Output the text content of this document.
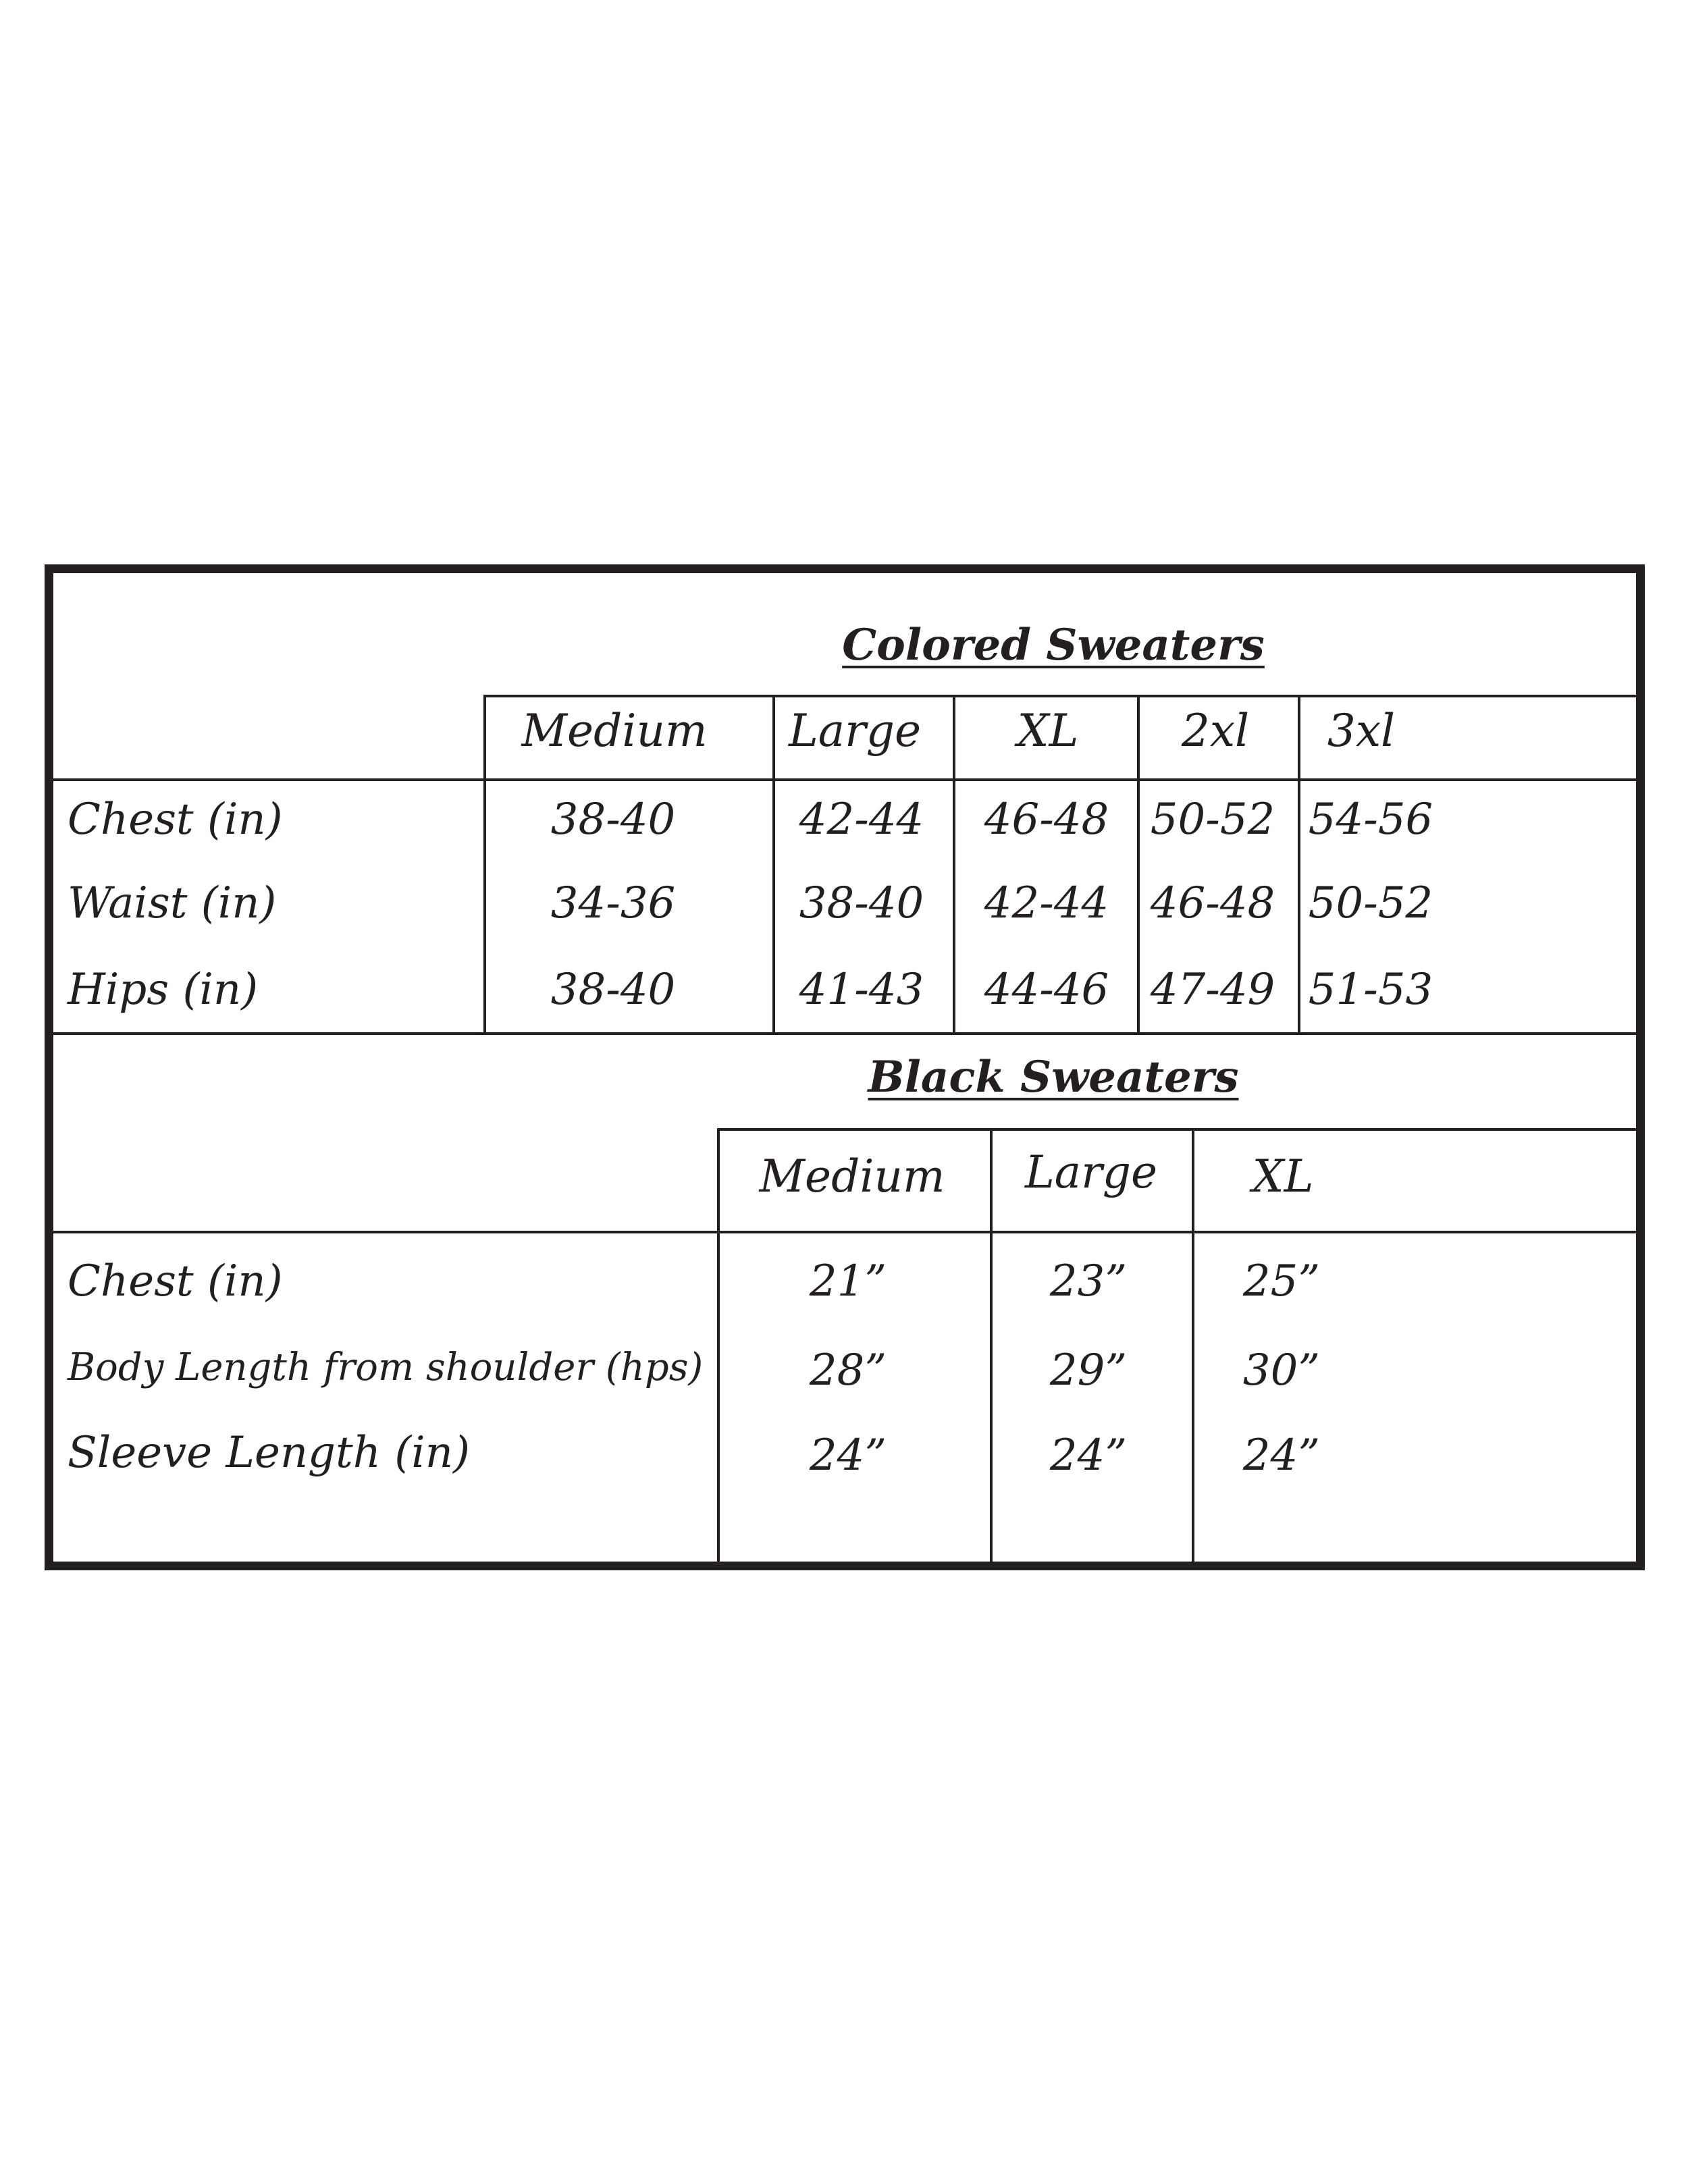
Colored Sweaters
Medium Large XL 2xl 3xl
Chest (in)	38-40	42-44 46-48 50-52 54-56
Waist (in)	34-36	38-40 42-44 46-48 50-52
Hips (in)	38-40	41-43 44-46 47-49 51-53
Black Sweaters
Medium Large XL
Chest (in)	21”	23”	25”
Body Length from shoulder (hps) 28”	29”	30”
Sleeve Length (in)	24”	24”	24”
